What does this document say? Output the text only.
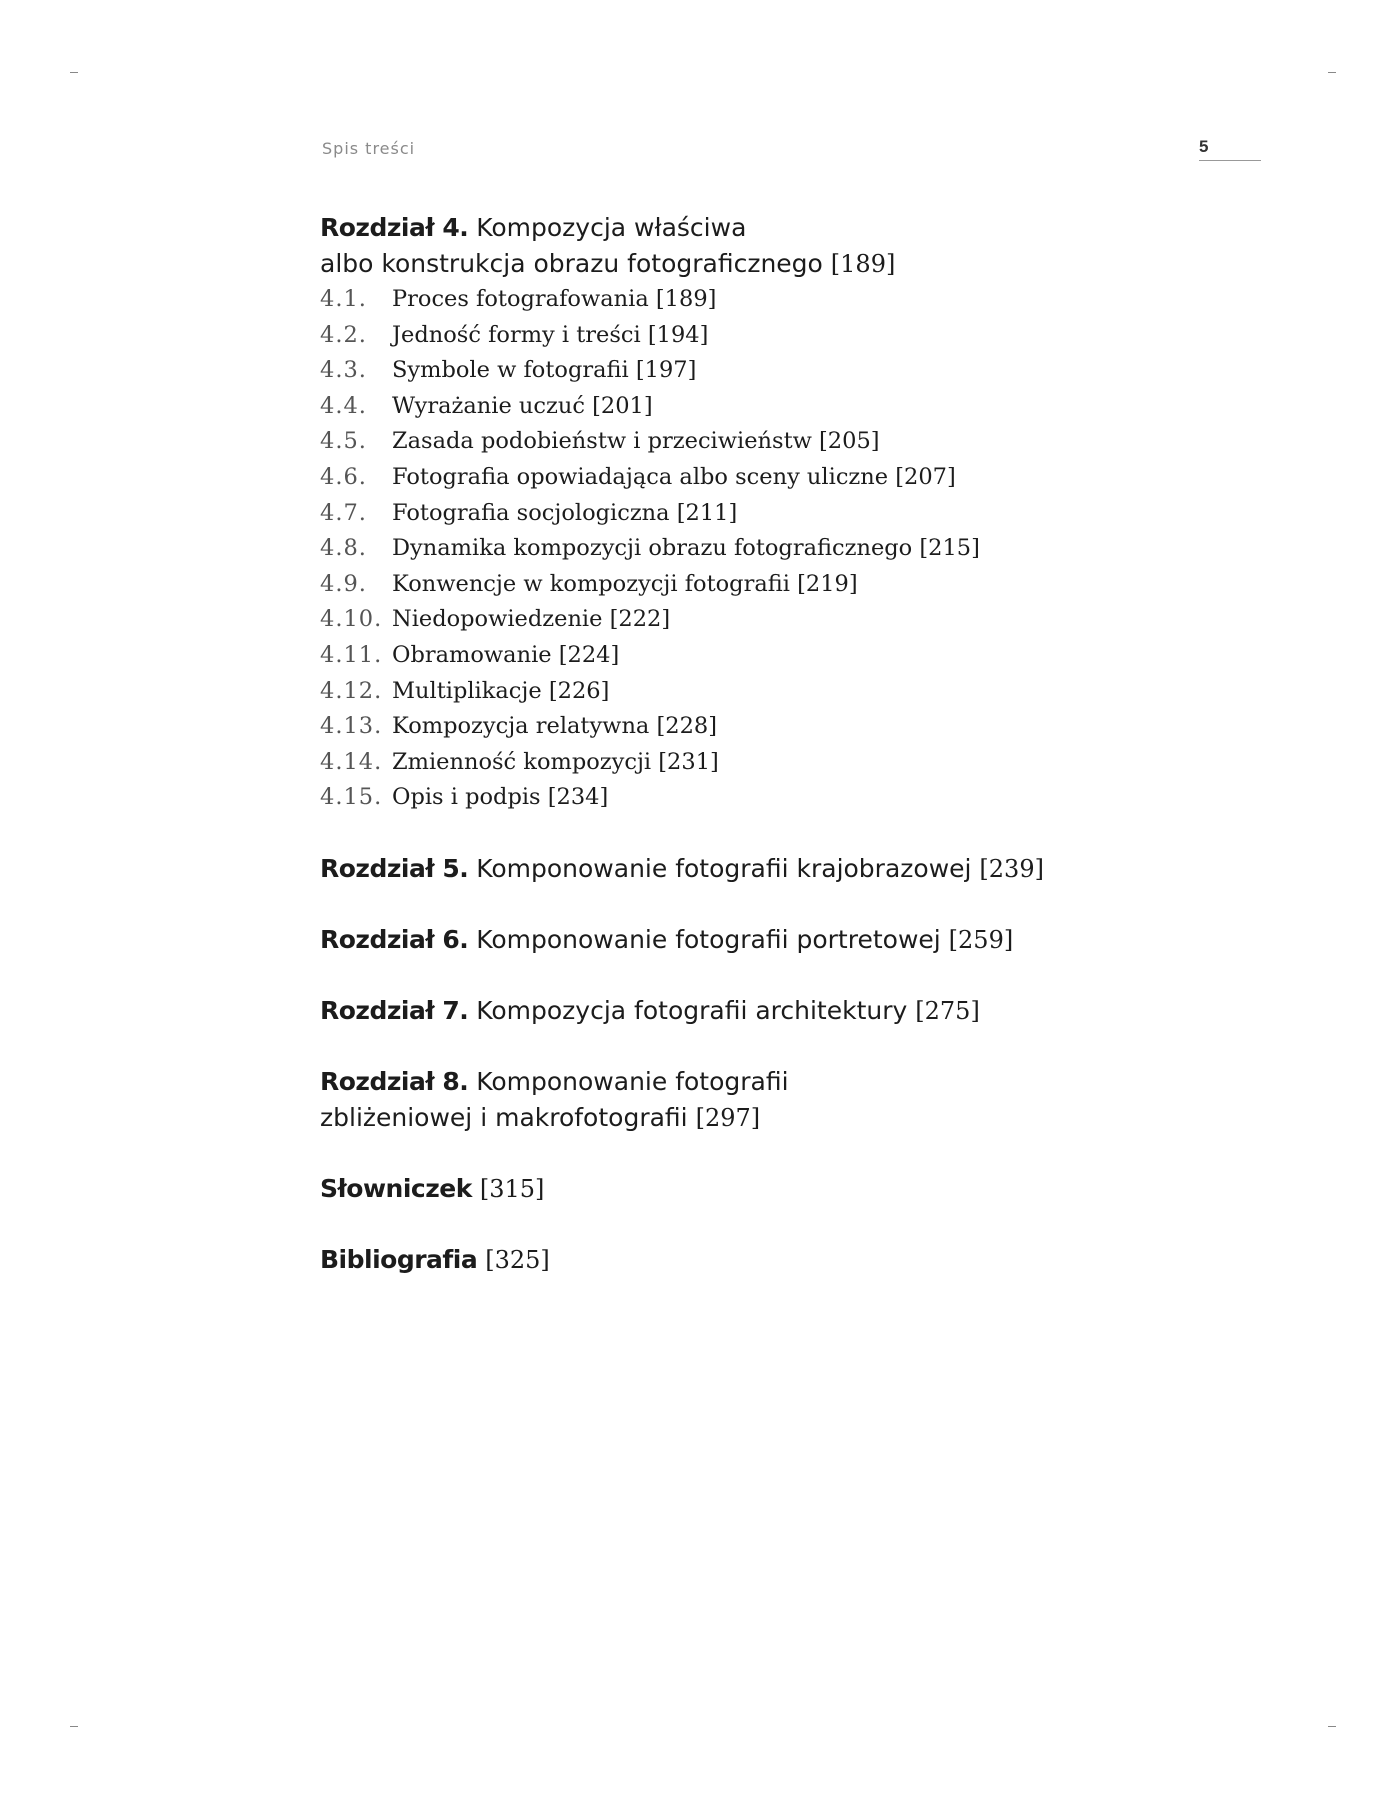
Spis treści	5
Rozdział 4. Kompozycja właściwa
albo konstrukcja obrazu fotograficznego [189]
4.1.	Proces fotografowania [189]
4.2.	Jedność formy i treści [194]
4.3.	Symbole w fotografii [197]
4.4.	Wyrażanie uczuć [201]
4.5.	Zasada podobieństw i przeciwieństw [205]
4.6.	Fotografia opowiadająca albo sceny uliczne [207]
4.7.	Fotografia socjologiczna [211]
4.8.	Dynamika kompozycji obrazu fotograficznego [215]
4.9.	Konwencje w kompozycji fotografii [219]
4.10. Niedopowiedzenie [222]
4.11. Obramowanie [224]
4.12. Multiplikacje [226]
4.13. Kompozycja relatywna [228]
4.14. Zmienność kompozycji [231]
4.15. Opis i podpis [234]
Rozdział 5. Komponowanie fotografii krajobrazowej [239]
Rozdział 6. Komponowanie fotografii portretowej [259]
Rozdział 7. Kompozycja fotografii architektury [275]
Rozdział 8. Komponowanie fotografii
zbliżeniowej i makrofotografii [297]
Słowniczek [315]
Bibliografia [325]
